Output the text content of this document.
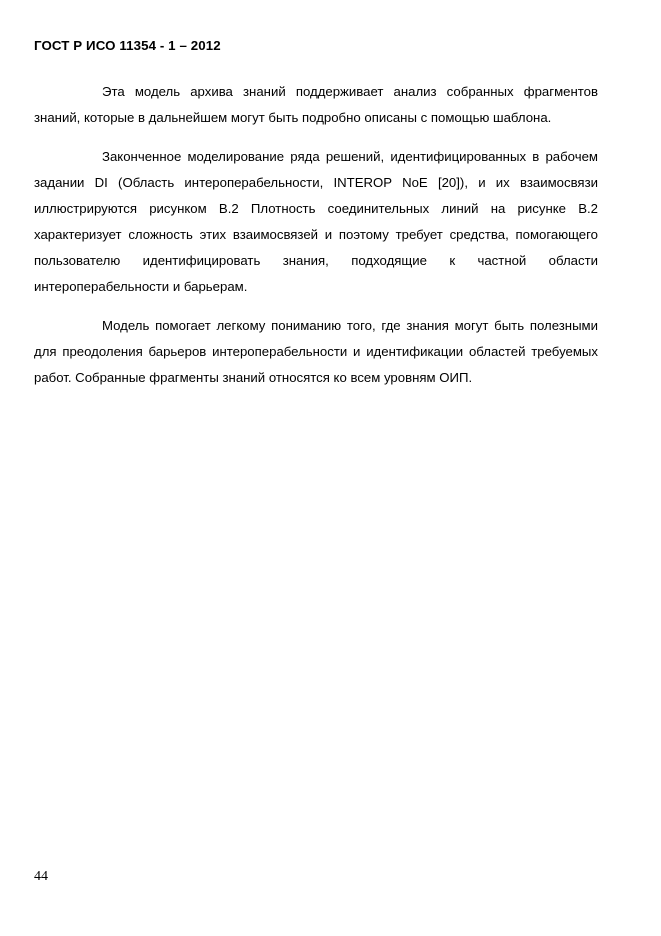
ГОСТ Р ИСО 11354 - 1 – 2012

Эта модель архива знаний поддерживает анализ собранных фрагментов знаний, которые в дальнейшем могут быть подробно описаны с помощью шаблона.

Законченное моделирование ряда решений, идентифицированных в рабочем задании DI (Область интероперабельности, INTEROP NoE [20]), и их взаимосвязи иллюстрируются рисунком В.2 Плотность соединительных линий на рисунке В.2 характеризует сложность этих взаимосвязей и поэтому требует средства, помогающего пользователю идентифицировать знания, подходящие к частной области интероперабельности и барьерам.

Модель помогает легкому пониманию того, где знания могут быть полезными для преодоления барьеров интероперабельности и идентификации областей требуемых работ. Собранные фрагменты знаний относятся ко всем уровням ОИП.

44
